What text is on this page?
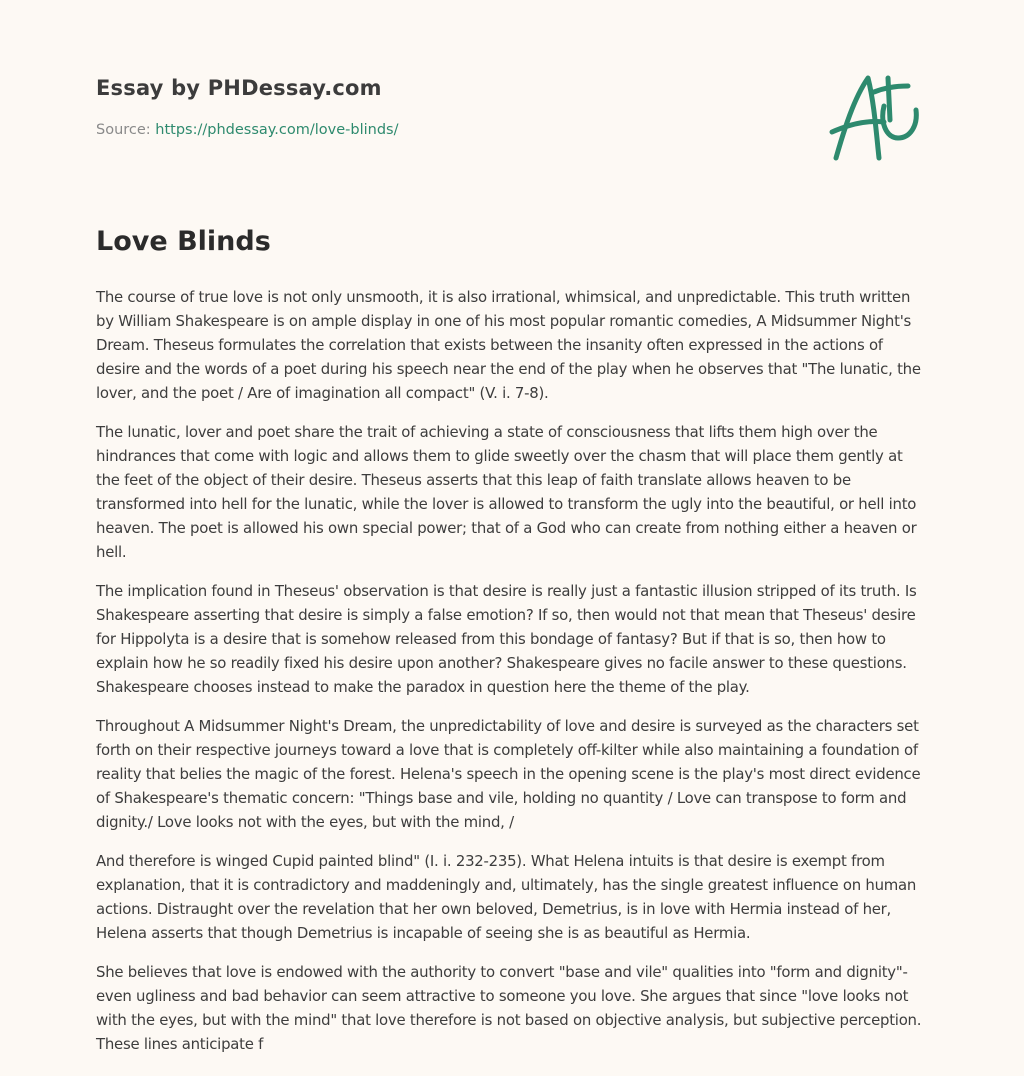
Essay by PHDessay.com
Source: https://phdessay.com/love-blinds/
Love Blinds

The course of true love is not only unsmooth, it is also irrational, whimsical, and unpredictable. This truth written by William Shakespeare is on ample display in one of his most popular romantic comedies, A Midsummer Night's Dream. Theseus formulates the correlation that exists between the insanity often expressed in the actions of desire and the words of a poet during his speech near the end of the play when he observes that "The lunatic, the lover, and the poet / Are of imagination all compact" (V. i. 7-8).

The lunatic, lover and poet share the trait of achieving a state of consciousness that lifts them high over the hindrances that come with logic and allows them to glide sweetly over the chasm that will place them gently at the feet of the object of their desire. Theseus asserts that this leap of faith translate allows heaven to be transformed into hell for the lunatic, while the lover is allowed to transform the ugly into the beautiful, or hell into heaven. The poet is allowed his own special power; that of a God who can create from nothing either a heaven or hell.

The implication found in Theseus' observation is that desire is really just a fantastic illusion stripped of its truth. Is Shakespeare asserting that desire is simply a false emotion? If so, then would not that mean that Theseus' desire for Hippolyta is a desire that is somehow released from this bondage of fantasy? But if that is so, then how to explain how he so readily fixed his desire upon another? Shakespeare gives no facile answer to these questions. Shakespeare chooses instead to make the paradox in question here the theme of the play.

Throughout A Midsummer Night's Dream, the unpredictability of love and desire is surveyed as the characters set forth on their respective journeys toward a love that is completely off-kilter while also maintaining a foundation of reality that belies the magic of the forest. Helena's speech in the opening scene is the play's most direct evidence of Shakespeare's thematic concern: "Things base and vile, holding no quantity / Love can transpose to form and dignity./ Love looks not with the eyes, but with the mind, /

And therefore is winged Cupid painted blind" (I. i. 232-235). What Helena intuits is that desire is exempt from explanation, that it is contradictory and maddeningly and, ultimately, has the single greatest influence on human actions. Distraught over the revelation that her own beloved, Demetrius, is in love with Hermia instead of her, Helena asserts that though Demetrius is incapable of seeing she is as beautiful as Hermia.

She believes that love is endowed with the authority to convert "base and vile" qualities into "form and dignity"-even ugliness and bad behavior can seem attractive to someone you love. She argues that since "love looks not with the eyes, but with the mind" that love therefore is not based on objective analysis, but subjective perception. These lines anticipate f
